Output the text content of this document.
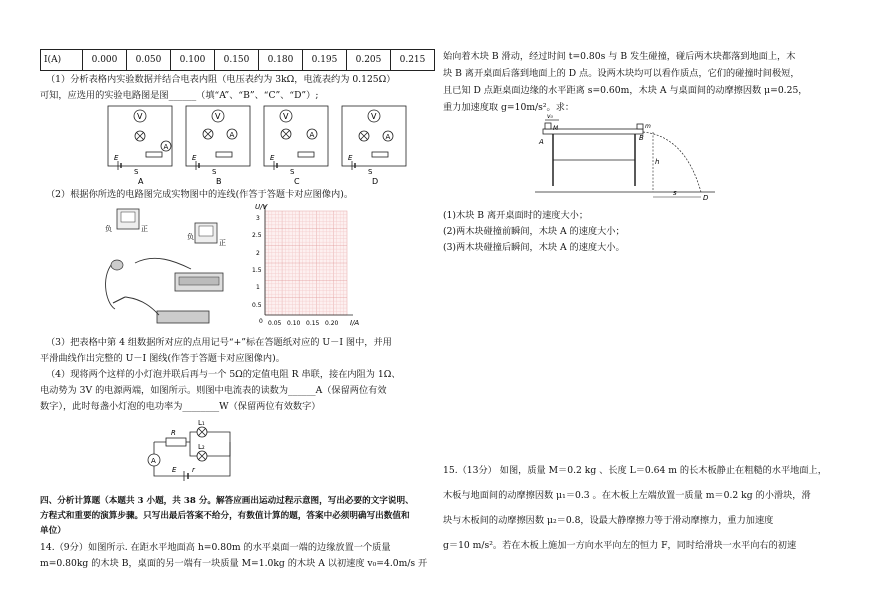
I(A)	0.000	0.050	0.100	0.150	0.180	0.195	0.205	0.215

（1）分析表格内实验数据并结合电表内阻（电压表约为 3kΩ，电流表约为 0.125Ω）

可知，应选用的实验电路图是图______（填“A”、“B”、“C”、“D”）;

V
A
E
S
V
A
E
S
V
A
E
S
V
A
E
S
A	B	C	D

（2）根据你所选的电路图完成实物图中的连线(作答于答题卡对应图像内)。

负	正
负
正
U/V
I/A
0
3
2.5
2
1.5
1
0.5
0.05 0.10 0.15 0.20

（3）把表格中第 4 组数据所对应的点用记号“+”标在答题纸对应的 U－I 图中，并用

平滑曲线作出完整的 U－I 图线(作答于答题卡对应图像内)。

（4）现将两个这样的小灯泡并联后再与一个 5Ω的定值电阻 R 串联，接在内阻为 1Ω、

电动势为 3V 的电源两端，如图所示。则图中电流表的读数为______A（保留两位有效

数字），此时每盏小灯泡的电功率为________W（保留两位有效数字）

R
L₁
L₂
A
E r

四、分析计算题（本题共 3 小题，共 38 分。解答应画出运动过程示意图，写出必要的文字说明、

方程式和重要的演算步骤。只写出最后答案不给分，有数值计算的题，答案中必须明确写出数值和

单位）

14.（9分）如图所示. 在距水平地面高 h=0.80m 的水平桌面一端的边缘放置一个质量

m=0.80kg 的木块 B，桌面的另一端有一块质量 M=1.0kg 的木块 A 以初速度 v₀=4.0m/s 开

始向着木块 B 滑动，经过时间 t=0.80s 与 B 发生碰撞，碰后两木块都落到地面上，木

块 B 离开桌面后落到地面上的 D 点。设两木块均可以看作质点，它们的碰撞时间极短，

且已知 D 点距桌面边缘的水平距离 s=0.60m，木块 A 与桌面间的动摩擦因数 μ=0.25，

重力加速度取 g=10m/s²。求：

v₀
M	m
A	B
h
s
D

(1)木块 B 离开桌面时的速度大小；

(2)两木块碰撞前瞬间，木块 A 的速度大小；

(3)两木块碰撞后瞬间，木块 A 的速度大小。

15.（13分） 如图，质量 M＝0.2 kg 、长度 L＝0.64 m 的长木板静止在粗糙的水平地面上，

木板与地面间的动摩擦因数 μ₁＝0.3 。在木板上左端放置一质量 m＝0.2 kg 的小滑块，滑

块与木板间的动摩擦因数 μ₂＝0.8，设最大静摩擦力等于滑动摩擦力，重力加速度

g＝10 m/s²。若在木板上施加一方向水平向左的恒力 F，同时给滑块一水平向右的初速
